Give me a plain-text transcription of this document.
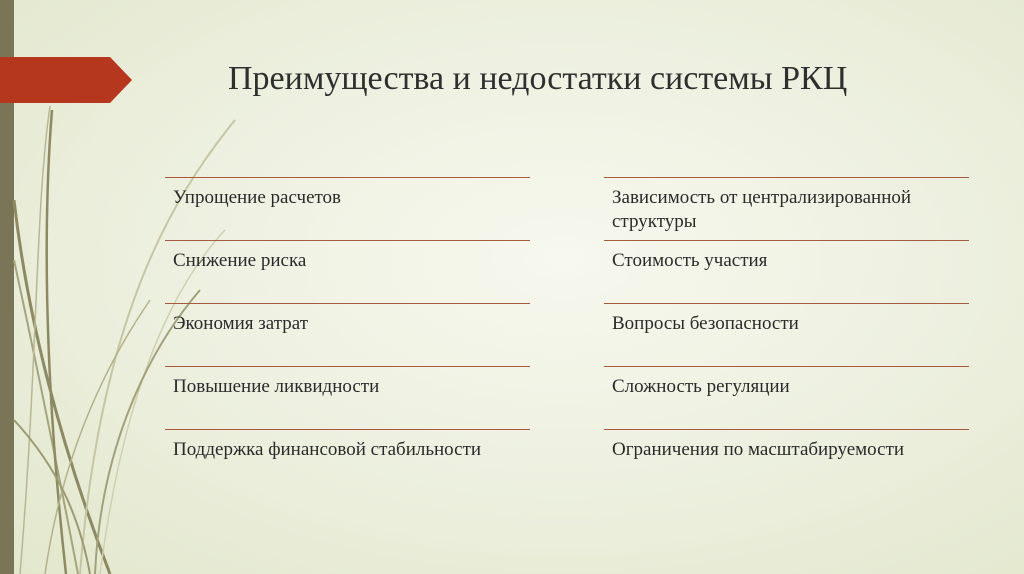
Преимущества и недостатки системы РКЦ
Упрощение расчетов
Снижение риска
Экономия затрат
Повышение ликвидности
Поддержка финансовой стабильности
Зависимость от централизированной структуры
Стоимость участия
Вопросы безопасности
Сложность регуляции
Ограничения по масштабируемости
